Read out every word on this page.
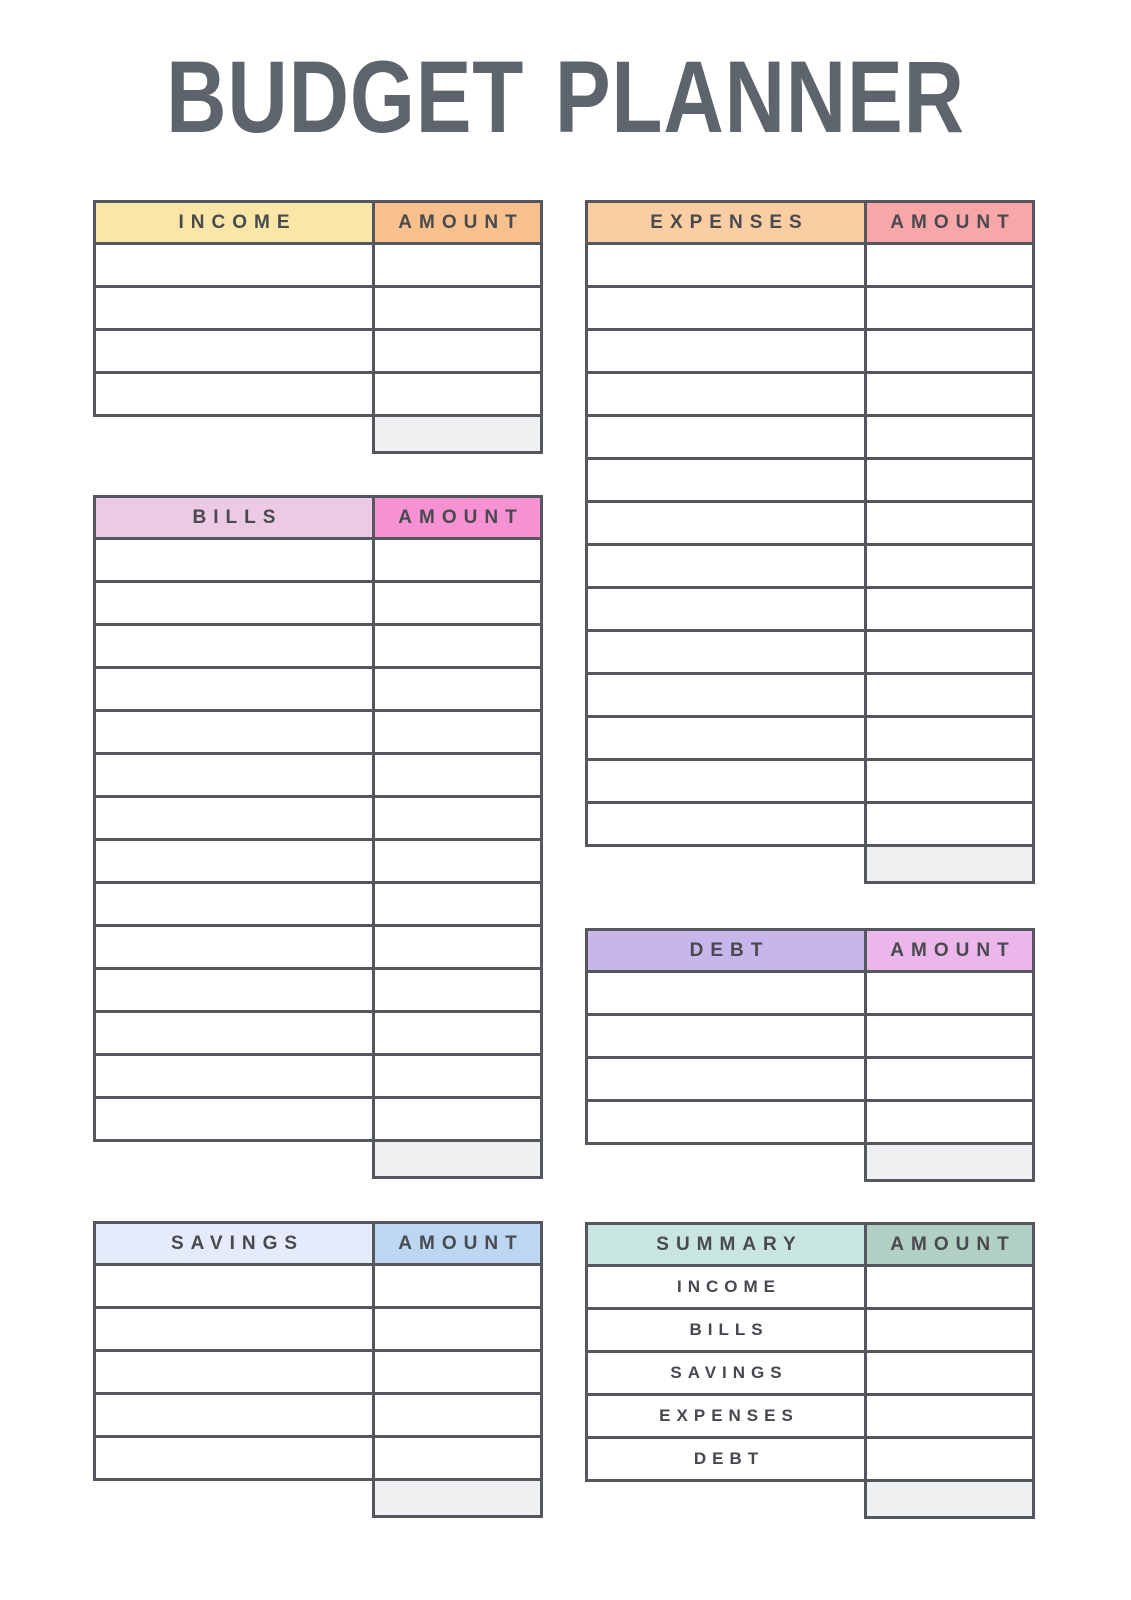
BUDGET PLANNER
INCOME	AMOUNT
BILLS	AMOUNT
SAVINGS	AMOUNT
EXPENSES	AMOUNT
DEBT	AMOUNT
SUMMARY	AMOUNT
INCOME
BILLS
SAVINGS
EXPENSES
DEBT
